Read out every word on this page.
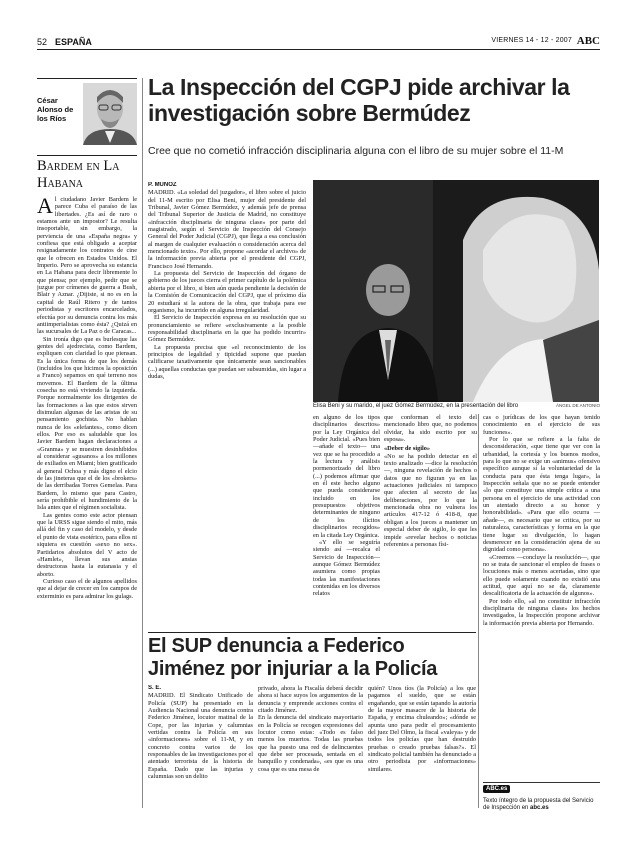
52 ESPAÑA	VIERNES 14 - 12 - 2007 ABC
César Alonso de los Ríos
Bardem en La Habana

Al ciudadano Javier Bardem le parece Cuba el paraíso de las libertades. ¿Es así de raro o estamos ante un impostor? Le resulta insoportable, sin embargo, la perviencia de una «España negra» y confiesa que está obligado a aceptar resignadamente los contratos de cine que le ofrecen en Estados Unidos. El Imperio. Pero se aprovecha su estancia en La Habana para decir libremente lo que piensa; por ejemplo, pedir que se juzgue por crímenes de guerra a Bush, Blair y Aznar. ¿Dijiste, si no es en la capital de Raúl Ritero y de tantos periodistas y escritores encarcelados, efectúa por su denuncia contra los más antiimperialistas como ésta? ¿Quizá en las sucursales de La Paz o de Caracas...

Sin ironía digo que es burlesque las gentes del ajedrecista, como Bardem, expliquen con claridad lo que piensan. Es la única forma de que los demás (incluidos los que hicimos la oposición a Franco) sepamos en qué terreno nos movemos. El Bardem de la última cosecha no está viviendo la izquierda. Porque normalmente los dirigentes de las formaciones a las que estos sirven disimulan algunas de las aristas de su pensamiento gochista. No hablan nunca de los «elefantes», como dicen ellos. Por eso es saludable que los Javier Bardem hagan declaraciones a «Granma» y se muestren desinhibidos al considerar «gusanos» a los millones de exiliados en Miami; bien gratificado al general Ochoa y más digno el elcio de las jineteras que el de los «brokers» de las derribadas Torres Gemelas. Para Bardem, lo mismo que para Castro, sería prohibible el hundimiento de la Isla antes que el régimen socialista.

Las gentes como este actor piensan que la URSS sigue siendo el mito, más allá del fin y caso del modelo, y desde el punto de vista esotérico, para ellos ni siquiera es cuestión «sexo no sex». Partidarios absolutos del V acto de «Hamlet», llevan sus ansias destructoras hasta la eutanasia y el aborto.

Curioso caso el de algunos apellidos que al dejar de crecer en los campos de exterminio es para admirar los gulags.

La Inspección del CGPJ pide archivar la investigación sobre Bermúdez
Cree que no cometió infracción disciplinaria alguna con el libro de su mujer sobre el 11-M
P. MUÑOZ

MADRID. «La soledad del juzgador», el libro sobre el juicio del 11-M escrito por Elisa Beni, mujer del presidente del Tribunal, Javier Gómez Bermúdez, y además jefe de prensa del Tribunal Superior de Justicia de Madrid, no constituye «infracción disciplinaria de ninguna clase» por parte del magistrado, según el Servicio de Inspección del Consejo General del Poder Judicial (CGPJ), que llega a esa conclusión al margen de cualquier evaluación o consideración acerca del mencionado texto». Por ello, propone «acordar el archivo» de la información previa abierta por el presidente del CGPJ, Francisco José Hernando.

La propuesta del Servicio de Inspección del órgano de gobierno de los jueces cierra el primer capítulo de la polémica abierta por el libro, si bien aún queda pendiente la decisión de la Comisión de Comunicación del CGPJ, que el próximo día 20 estudiará si la autora de la obra, que trabaja para ese organismo, ha incurrido en alguna irregularidad.

El Servicio de Inspección expresa en su resolución que su pronunciamiento se refiere «exclusivamente a la posible responsabilidad disciplinaria en la que ha podido incurrir» Gómez Bermúdez.

La propuesta precisa que «el reconocimiento de los principios de legalidad y tipicidad supone que puedan calificarse taxativamente que únicamente sean sancionables (...) aquellas conductas que puedan ser subsumidas, sin lugar a dudas,

Elisa Beni y su marido, el juez Gómez Bermúdez, en la presentación del libro	ÁNGEL DE ANTONIO

en alguno de los tipos disciplinarios descritos» por la Ley Orgánica del Poder Judicial. «Pues bien —añade el texto— una vez que se ha procedido a la lectura y análisis pormenorizado del libro (...) podemos afirmar que en él este hecho alguno que pueda considerarse incluido en los presupuestos objetivos determinantes de ninguno de los ilícitos disciplinarios recogidos» en la citada Ley Orgánica.

«Y ello se seguiría siendo así —recalca el Servicio de Inspección— aunque Gómez Bermúdez asumiera como propias todas las manifestaciones contenidas en los diversos relatos

que conforman el texto del mencionado libro que, no podemos olvidar, ha sido escrito por su esposa».

«Deber de sigilo»

«No se ha podido detectar en el texto analizado —dice la resolución—, ninguna revelación de hechos o datos que no figuran ya en las actuaciones judiciales ni tampoco que afecten al secreto de las deliberaciones, por lo que la mencionada obra no vulnera los artículos 417-12 ó 418-8, que obligan a los jueces a mantener un especial deber de sigilo, lo que les impide «revelar hechos o noticias referentes a personas físi-

cas o jurídicas de los que hayan tenido conocimiento en el ejercicio de sus funciones».

Por lo que se refiere a la falta de desconsideración, «que tiene que ver con la urbanidad, la cortesía y los buenos modos, para lo que no se exige un «animus» ofensivo específico aunque sí la voluntariedad de la conducta para que ésta tenga lugar», la Inspección señala que no se puede entender «lo que constituye una simple crítica a una persona en el ejercicio de una actividad con un atentado directo a su honor y honorabilidad». «Para que ello ocurra —añade—, es necesario que se critica, por su naturaleza, características y forma en la que tiene lugar su divulgación, lo hagan desmerecer en la consideración ajena de su dignidad como persona».

«Creemos —concluye la resolución—, que no se trata de sancionar el empleo de frases o locuciones más o menos acertadas, sino que ello puede solamente cuando no existió una actitud, que aquí no se da, claramente descalificatoria de la actuación de algunos».

Por todo ello, «al no constituir infracción disciplinaria de ninguna clase» los hechos investigados, la Inspección propone archivar la información previa abierta por Hernando.

El SUP denuncia a Federico Jiménez por injuriar a la Policía
S. E.

MADRID. El Sindicato Unificado de Policía (SUP) ha presentado en la Audiencia Nacional una denuncia contra Federico Jiménez, locutor matinal de la Cope, por las injurias y calumnias vertidas contra la Policía en sus «informaciones» sobre el 11-M, y en concreto contra varios de los responsables de las investigaciones por el atentado terrorista de la historia de España. Dado que las injurias y calumnias son un delito

privado, ahora la Fiscalía deberá decidir ahora si hace suyos los argumentos de la denuncia y emprende acciones contra el citado Jiménez.
En la denuncia del sindicato mayoritario en la Policía se recogen expresiones del locutor como estas: «Todo es falso menos los muertos. Todas las pruebas que ha puesto una red de delincuentes que debe ser procesada, sentada en el banquillo y condenada», «es que es una cosa que es una mesa de

quién? Unos tíos (la Policía) a los que pagamos el sueldo, que se están engañando, que se están tapando la autoría de la mayor masacre de la historia de España, y encima chuleando»; «dónde se apunta uno para pedir el procesamiento del juez Del Olmo, la fiscal «valeya» y de todos los policías que han destruido pruebas o creado pruebas falsas?». El sindicato policial también ha denunciado a otro periodista por «informaciones» similares.

ABC.es
Texto íntegro de la propuesta del Servicio de Inspección en abc.es
